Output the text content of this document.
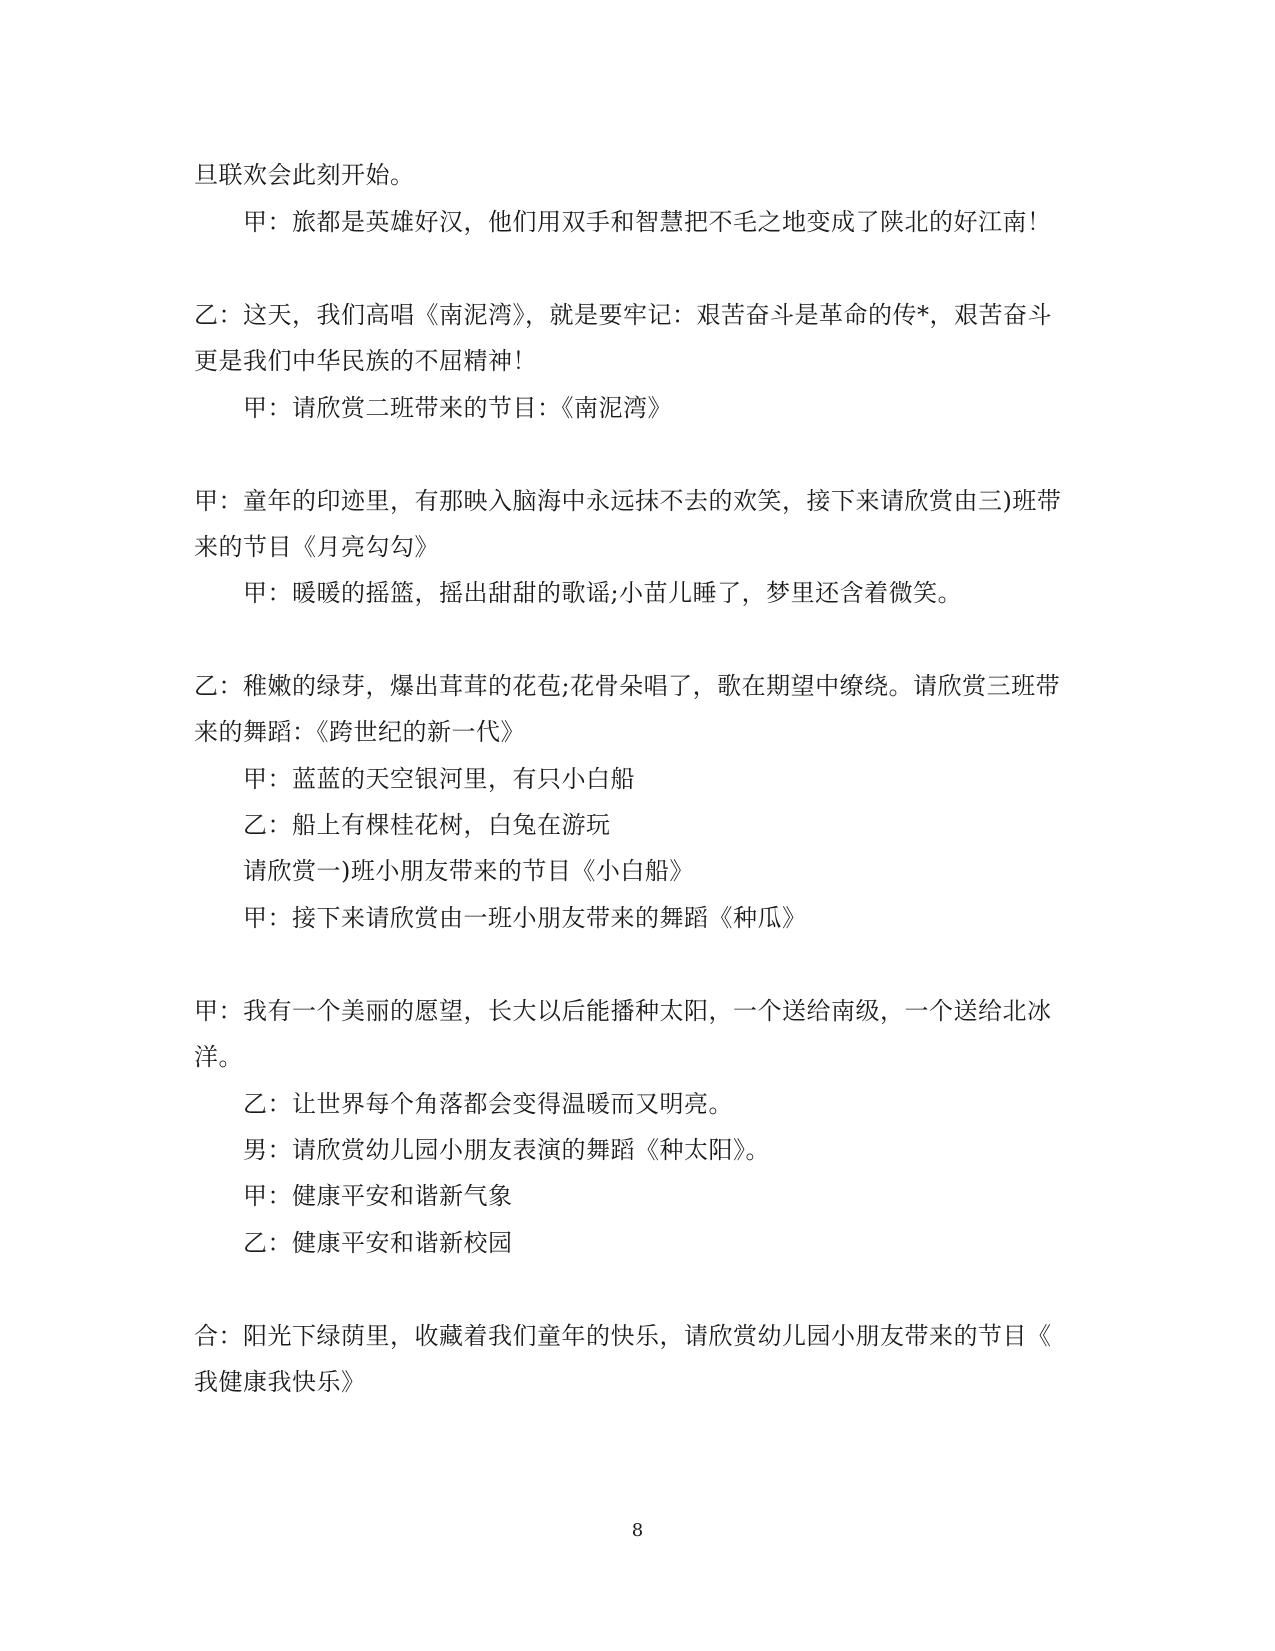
旦联欢会此刻开始。
甲：旅都是英雄好汉，他们用双手和智慧把不毛之地变成了陕北的好江南！
乙：这天，我们高唱《南泥湾》，就是要牢记：艰苦奋斗是革命的传*，艰苦奋斗
更是我们中华民族的不屈精神！
甲：请欣赏二班带来的节目：《南泥湾》
甲：童年的印迹里，有那映入脑海中永远抹不去的欢笑，接下来请欣赏由三)班带
来的节目《月亮勾勾》
甲：暖暖的摇篮，摇出甜甜的歌谣;小苗儿睡了，梦里还含着微笑。
乙：稚嫩的绿芽，爆出茸茸的花苞;花骨朵唱了，歌在期望中缭绕。请欣赏三班带
来的舞蹈：《跨世纪的新一代》
甲：蓝蓝的天空银河里，有只小白船
乙：船上有棵桂花树，白兔在游玩
请欣赏一)班小朋友带来的节目《小白船》
甲：接下来请欣赏由一班小朋友带来的舞蹈《种瓜》
甲：我有一个美丽的愿望，长大以后能播种太阳，一个送给南级，一个送给北冰
洋。
乙：让世界每个角落都会变得温暖而又明亮。
男：请欣赏幼儿园小朋友表演的舞蹈《种太阳》。
甲：健康平安和谐新气象
乙：健康平安和谐新校园
合：阳光下绿荫里，收藏着我们童年的快乐，请欣赏幼儿园小朋友带来的节目《
我健康我快乐》
8
